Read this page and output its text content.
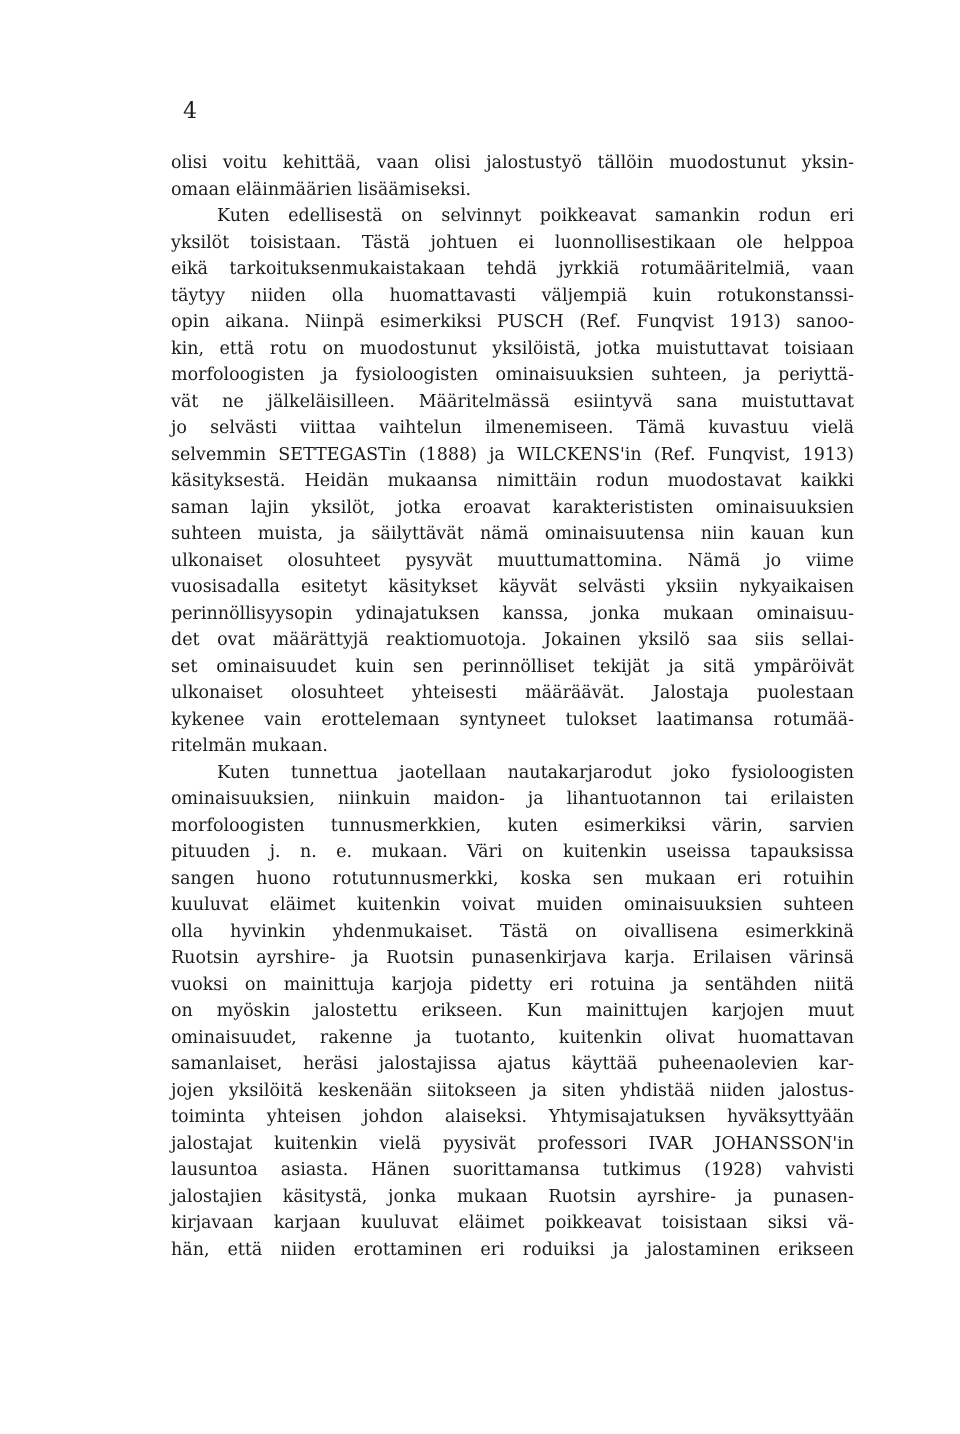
4
olisi voitu kehittää, vaan olisi jalostustyö tällöin muodostunut yksin-
omaan eläinmäärien lisäämiseksi.
Kuten edellisestä on selvinnyt poikkeavat samankin rodun eri
yksilöt toisistaan. Tästä johtuen ei luonnollisestikaan ole helppoa
eikä tarkoituksenmukaistakaan tehdä jyrkkiä rotumääritelmiä, vaan
täytyy niiden olla huomattavasti väljempiä kuin rotukonstanssi-
opin aikana. Niinpä esimerkiksi PUSCH (Ref. Funqvist 1913) sanoo-
kin, että rotu on muodostunut yksilöistä, jotka muistuttavat toisiaan
morfoloogisten ja fysioloogisten ominaisuuksien suhteen, ja periyttä-
vät ne jälkeläisilleen. Määritelmässä esiintyvä sana muistuttavat
jo selvästi viittaa vaihtelun ilmenemiseen. Tämä kuvastuu vielä
selvemmin SETTEGASTin (1888) ja WILCKENS'in (Ref. Funqvist, 1913)
käsityksestä. Heidän mukaansa nimittäin rodun muodostavat kaikki
saman lajin yksilöt, jotka eroavat karakterististen ominaisuuksien
suhteen muista, ja säilyttävät nämä ominaisuutensa niin kauan kun
ulkonaiset olosuhteet pysyvät muuttumattomina. Nämä jo viime
vuosisadalla esitetyt käsitykset käyvät selvästi yksiin nykyaikaisen
perinnöllisyysopin ydinajatuksen kanssa, jonka mukaan ominaisuu-
det ovat määrättyjä reaktiomuotoja. Jokainen yksilö saa siis sellai-
set ominaisuudet kuin sen perinnölliset tekijät ja sitä ympäröivät
ulkonaiset olosuhteet yhteisesti määräävät. Jalostaja puolestaan
kykenee vain erottelemaan syntyneet tulokset laatimansa rotumää-
ritelmän mukaan.
Kuten tunnettua jaotellaan nautakarjarodut joko fysioloogisten
ominaisuuksien, niinkuin maidon- ja lihantuotannon tai erilaisten
morfoloogisten tunnusmerkkien, kuten esimerkiksi värin, sarvien
pituuden j. n. e. mukaan. Väri on kuitenkin useissa tapauksissa
sangen huono rotutunnusmerkki, koska sen mukaan eri rotuihin
kuuluvat eläimet kuitenkin voivat muiden ominaisuuksien suhteen
olla hyvinkin yhdenmukaiset. Tästä on oivallisena esimerkkinä
Ruotsin ayrshire- ja Ruotsin punasenkirjava karja. Erilaisen värinsä
vuoksi on mainittuja karjoja pidetty eri rotuina ja sentähden niitä
on myöskin jalostettu erikseen. Kun mainittujen karjojen muut
ominaisuudet, rakenne ja tuotanto, kuitenkin olivat huomattavan
samanlaiset, heräsi jalostajissa ajatus käyttää puheenaolevien kar-
jojen yksilöitä keskenään siitokseen ja siten yhdistää niiden jalostus-
toiminta yhteisen johdon alaiseksi. Yhtymisajatuksen hyväksyttyään
jalostajat kuitenkin vielä pyysivät professori IVAR JOHANSSON'in
lausuntoa asiasta. Hänen suorittamansa tutkimus (1928) vahvisti
jalostajien käsitystä, jonka mukaan Ruotsin ayrshire- ja punasen-
kirjavaan karjaan kuuluvat eläimet poikkeavat toisistaan siksi vä-
hän, että niiden erottaminen eri roduiksi ja jalostaminen erikseen
